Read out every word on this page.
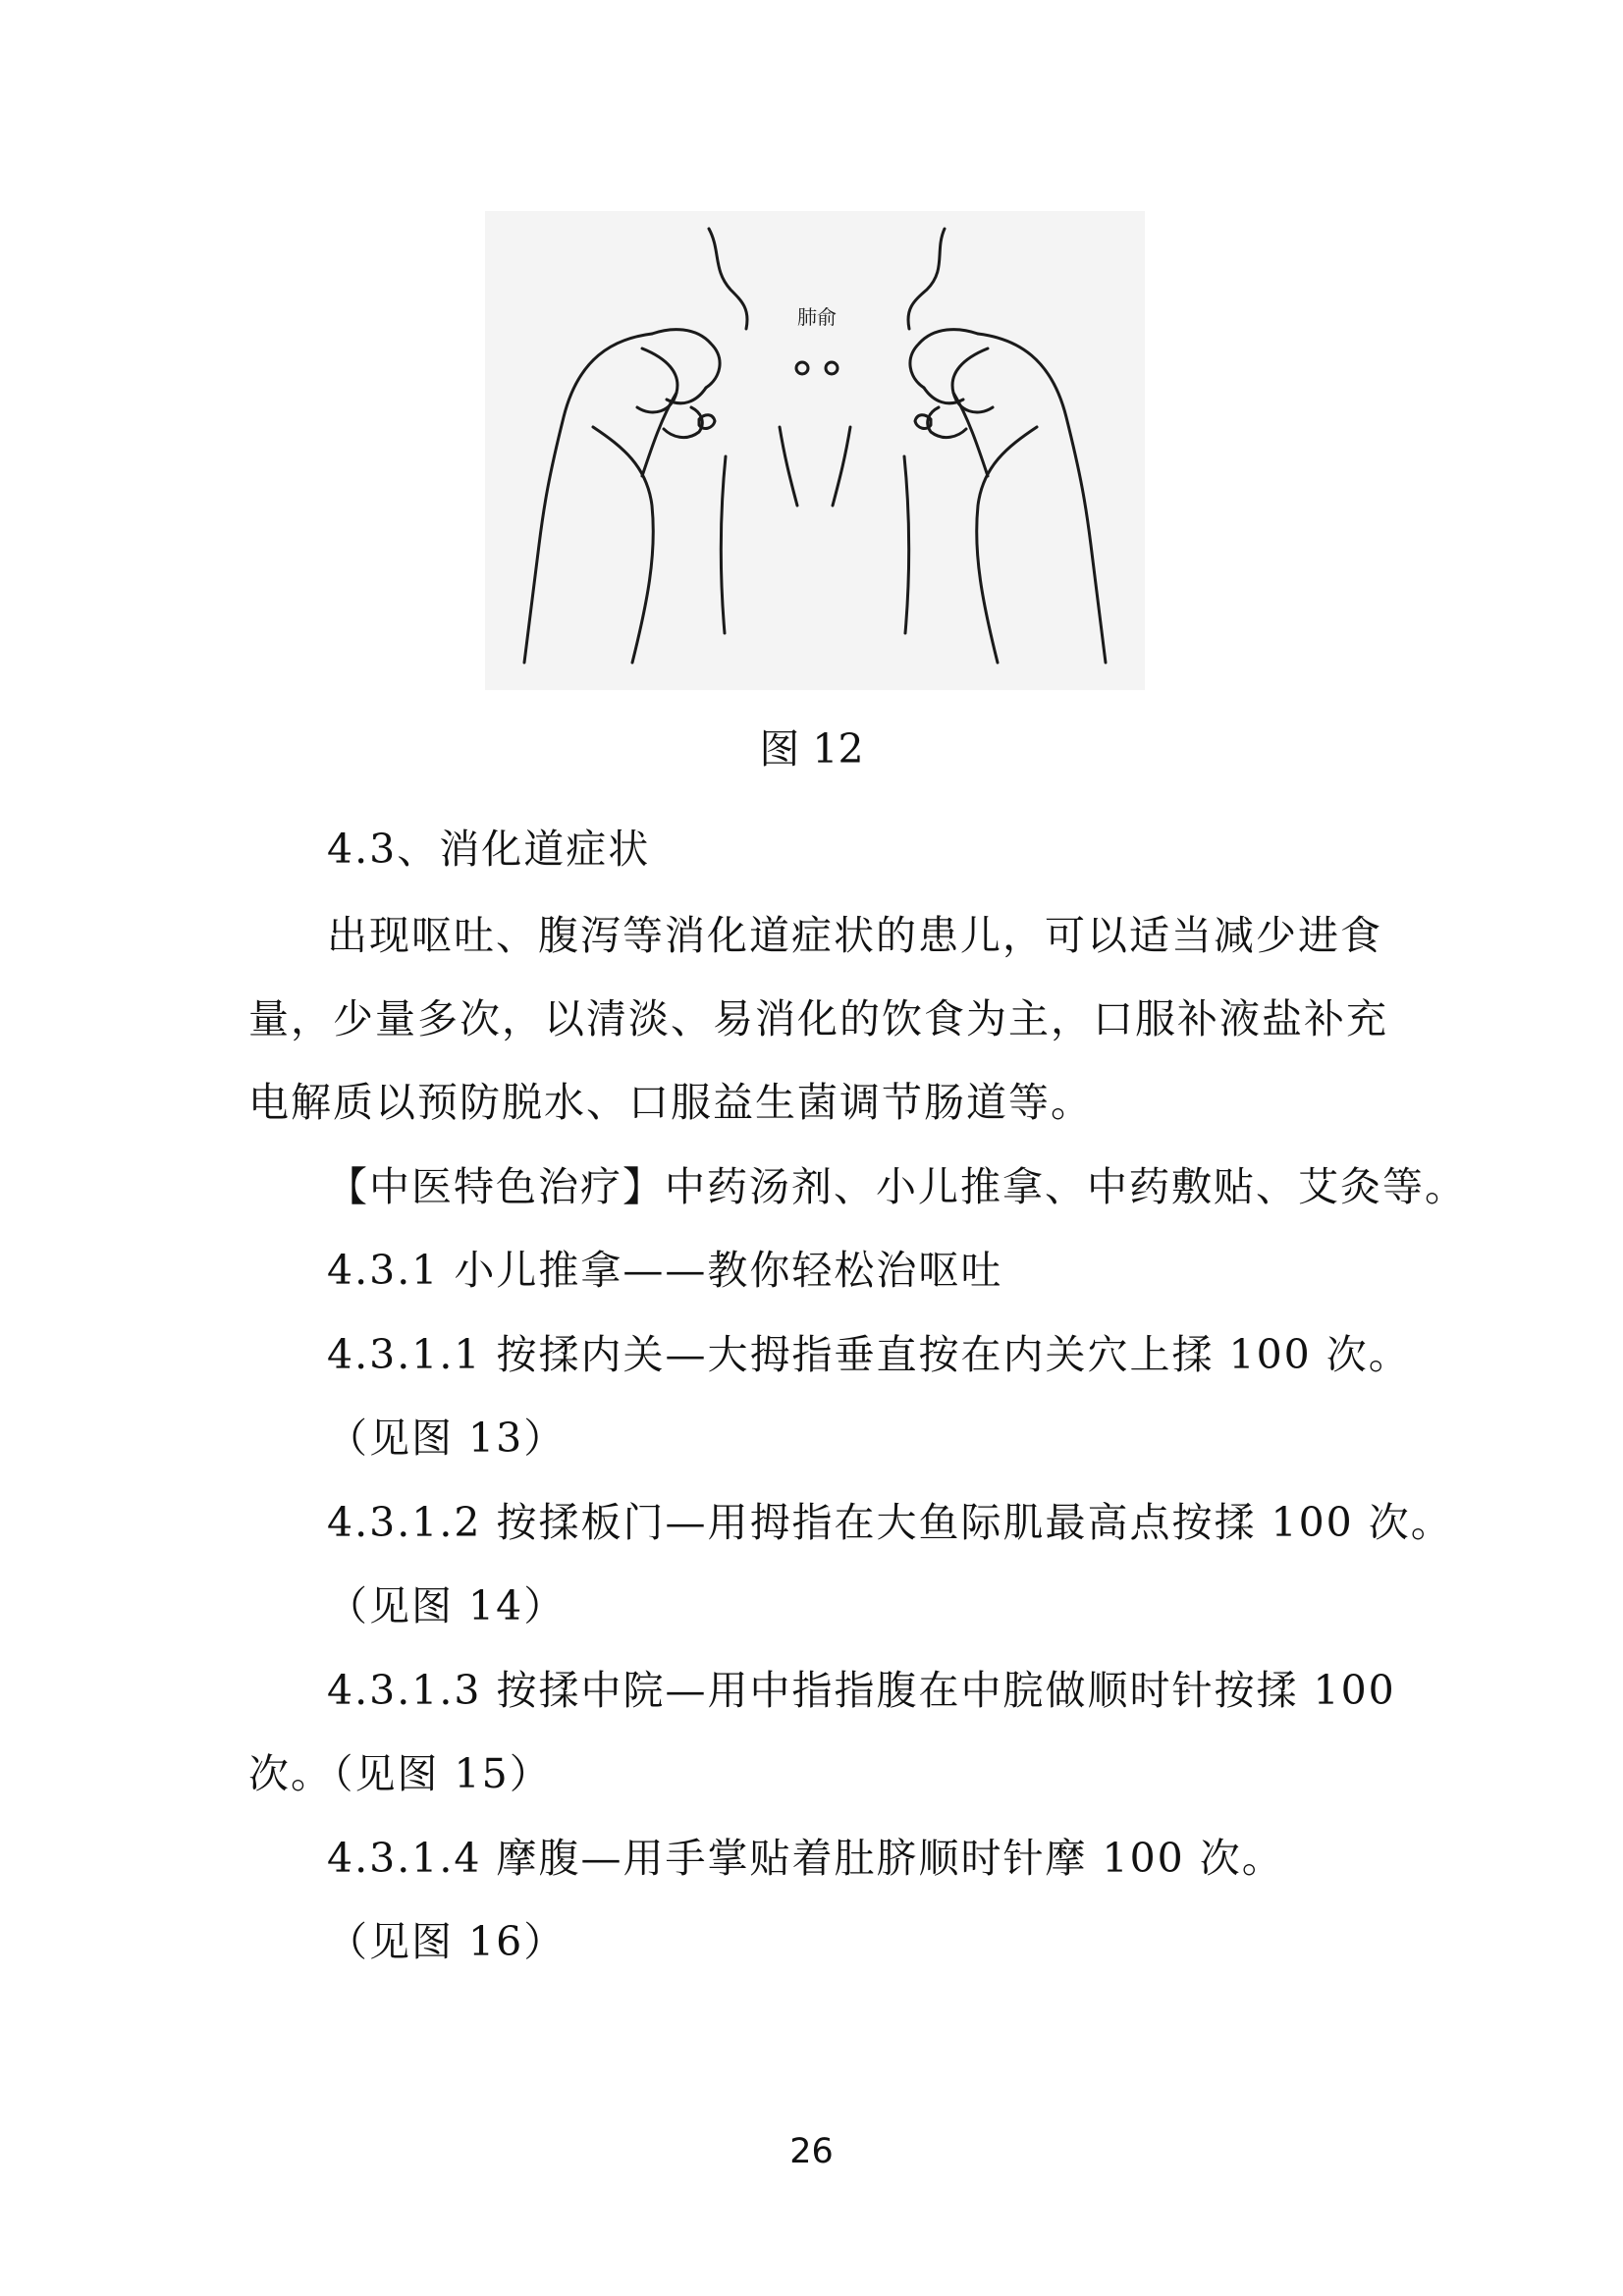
肺俞
图 12
4.3、消化道症状
出现呕吐、腹泻等消化道症状的患儿，可以适当减少进食
量，少量多次，以清淡、易消化的饮食为主，口服补液盐补充
电解质以预防脱水、口服益生菌调节肠道等。
【中医特色治疗】中药汤剂、小儿推拿、中药敷贴、艾灸等。
4.3.1 小儿推拿——教你轻松治呕吐
4.3.1.1 按揉内关—大拇指垂直按在内关穴上揉 100 次。
（见图 13）
4.3.1.2 按揉板门—用拇指在大鱼际肌最高点按揉 100 次。
（见图 14）
4.3.1.3 按揉中院—用中指指腹在中脘做顺时针按揉 100
次。（见图 15）
4.3.1.4 摩腹—用手掌贴着肚脐顺时针摩 100 次。
（见图 16）
26
